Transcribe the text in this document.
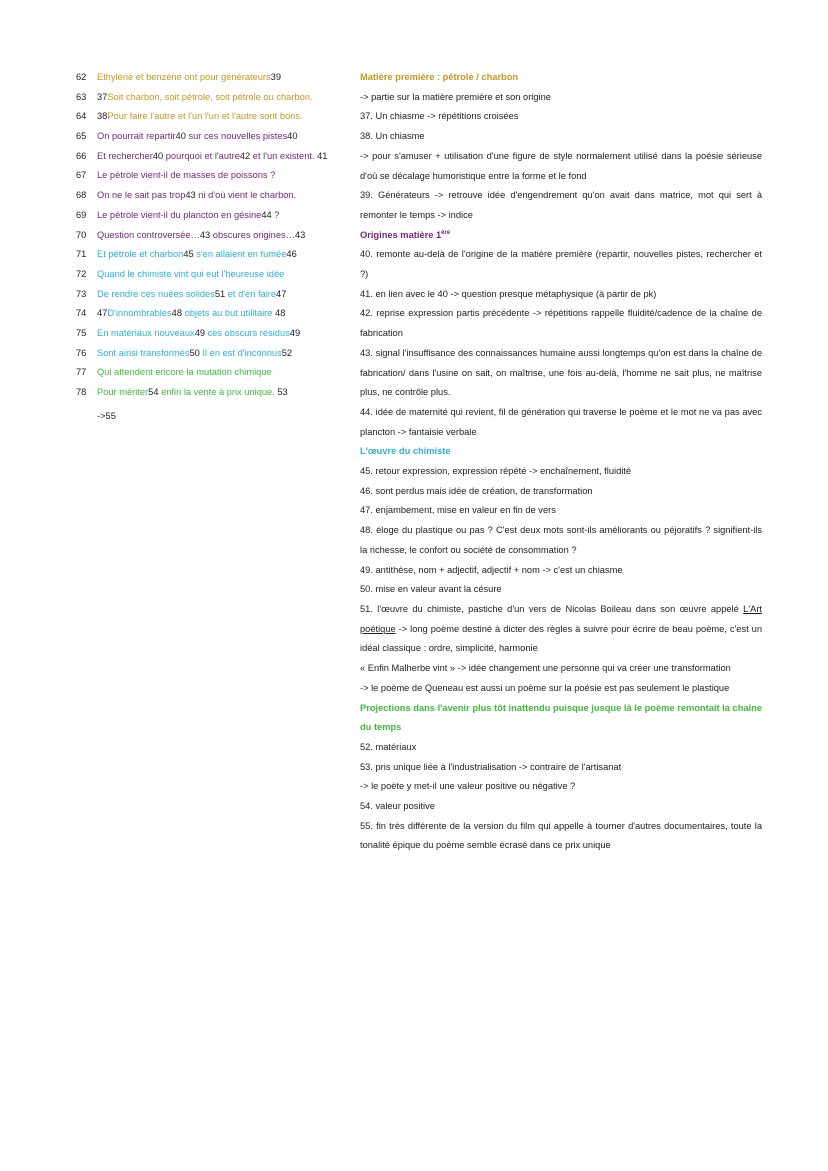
62 Ethylène et benzène ont pour générateurs39
63 37Soit charbon, soit pétrole, soit pétrole ou charbon.
64 38Pour faire l'autre et l'un l'un et l'autre sont bons.
65 On pourrait repartir40 sur ces nouvelles pistes40
66 Et rechercher40 pourquoi et l'autre42 et l'un existent. 41
67 Le pétrole vient-il de masses de poissons ?
68 On ne le sait pas trop43 ni d'où vient le charbon.
69 Le pétrole vient-il du plancton en gésine44 ?
70 Question controversée…43 obscures origines…43
71 Et pétrole et charbon45 s'en allaient en fumée46
72 Quand le chimiste vint qui eut l'heureuse idée
73 De rendre ces nuées solides51 et d'en faire47
74 47D'innombrables48 objets au but utilitaire 48
75 En matériaux nouveaux49 ces obscurs résidus49
76 Sont ainsi transformés50 Il en est d'inconnus52
77 Qui attendent encore la mutation chimique
78 Pour mériter54 enfin la vente à prix unique. 53
->55
Matière première : pétrole / charbon
-> partie sur la matière première et son origine
37. Un chiasme -> répétitions croisées
38. Un chiasme
-> pour s'amuser + utilisation d'une figure de style normalement utilisé dans la poésie sérieuse d'où se décalage humoristique entre la forme et le fond
39. Générateurs -> retrouve idée d'engendrement qu'on avait dans matrice, mot qui sert à remonter le temps -> indice
Origines matière 1ère
40. remonte au-delà de l'origine de la matière première (repartir, nouvelles pistes, rechercher et ?)
41. en lien avec le 40 -> question presque métaphysique (à partir de pk)
42. reprise expression partis précédente -> répétitions rappelle fluidité/cadence de la chaîne de fabrication
43. signal l'insuffisance des connaissances humaine aussi longtemps qu'on est dans la chaîne de fabrication/ dans l'usine on sait, on maîtrise, une fois au-delà, l'homme ne sait plus, ne maîtrise plus, ne contrôle plus.
44. idée de maternité qui revient, fil de génération qui traverse le poème et le mot ne va pas avec plancton -> fantaisie verbale
L'œuvre du chimiste
45. retour expression, expression répété -> enchaînement, fluidité
46. sont perdus mais idée de création, de transformation
47. enjambement, mise en valeur en fin de vers
48. éloge du plastique ou pas ? C'est deux mots sont-ils améliorants ou péjoratifs ? signifient-ils la richesse, le confort ou société de consommation ?
49. antithèse, nom + adjectif, adjectif + nom -> c'est un chiasme
50. mise en valeur avant la césure
51. l'œuvre du chimiste, pastiche d'un vers de Nicolas Boileau dans son œuvre appelé L'Art poétique -> long poème destiné à dicter des règles à suivre pour écrire de beau poème, c'est un idéal classique : ordre, simplicité, harmonie
« Enfin Malherbe vint » -> idée changement une personne qui va créer une transformation
-> le poème de Queneau est aussi un poème sur la poésie est pas seulement le plastique
Projections dans l'avenir plus tôt inattendu puisque jusque là le poème remontait la chaine du temps
52. matériaux
53. pris unique liée à l'industrialisation -> contraire de l'artisanat
-> le poète y met-il une valeur positive ou négative ?
54. valeur positive
55. fin très différente de la version du film qui appelle à tourner d'autres documentaires, toute la tonalité épique du poème semble écrasé dans ce prix unique
